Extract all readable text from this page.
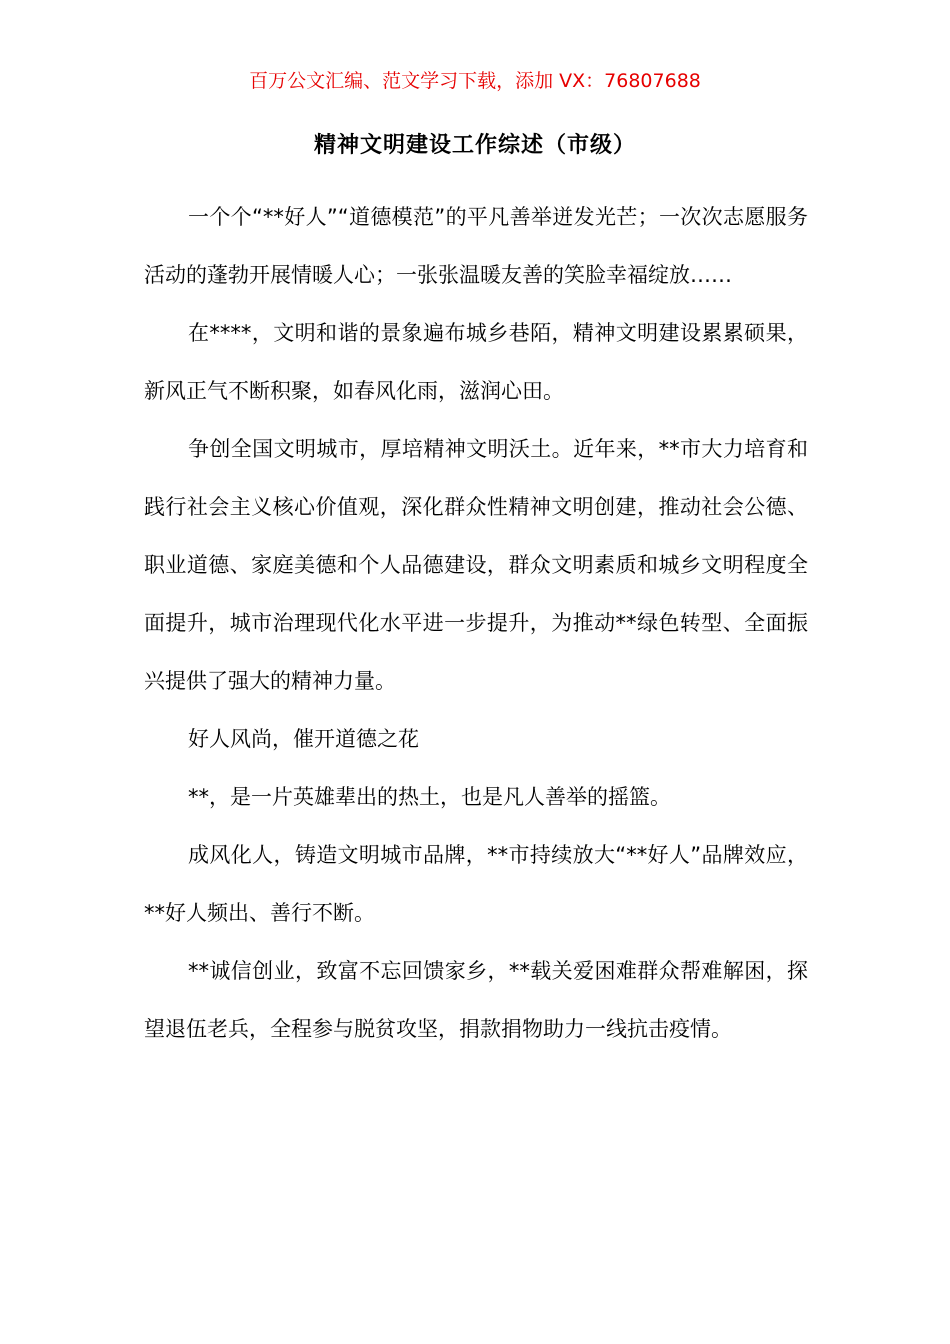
百万公文汇编、范文学习下载，添加 VX：76807688
精神文明建设工作综述（市级）

一个个“**好人”“道德模范”的平凡善举迸发光芒；一次次志愿服务活动的蓬勃开展情暖人心；一张张温暖友善的笑脸幸福绽放……

在****，文明和谐的景象遍布城乡巷陌，精神文明建设累累硕果，新风正气不断积聚，如春风化雨，滋润心田。

争创全国文明城市，厚培精神文明沃土。近年来，**市大力培育和践行社会主义核心价值观，深化群众性精神文明创建，推动社会公德、职业道德、家庭美德和个人品德建设，群众文明素质和城乡文明程度全面提升，城市治理现代化水平进一步提升，为推动**绿色转型、全面振兴提供了强大的精神力量。

好人风尚，催开道德之花

**，是一片英雄辈出的热土，也是凡人善举的摇篮。

成风化人，铸造文明城市品牌，**市持续放大“**好人”品牌效应，**好人频出、善行不断。

**诚信创业，致富不忘回馈家乡，**载关爱困难群众帮难解困，探望退伍老兵，全程参与脱贫攻坚，捐款捐物助力一线抗击疫情。
